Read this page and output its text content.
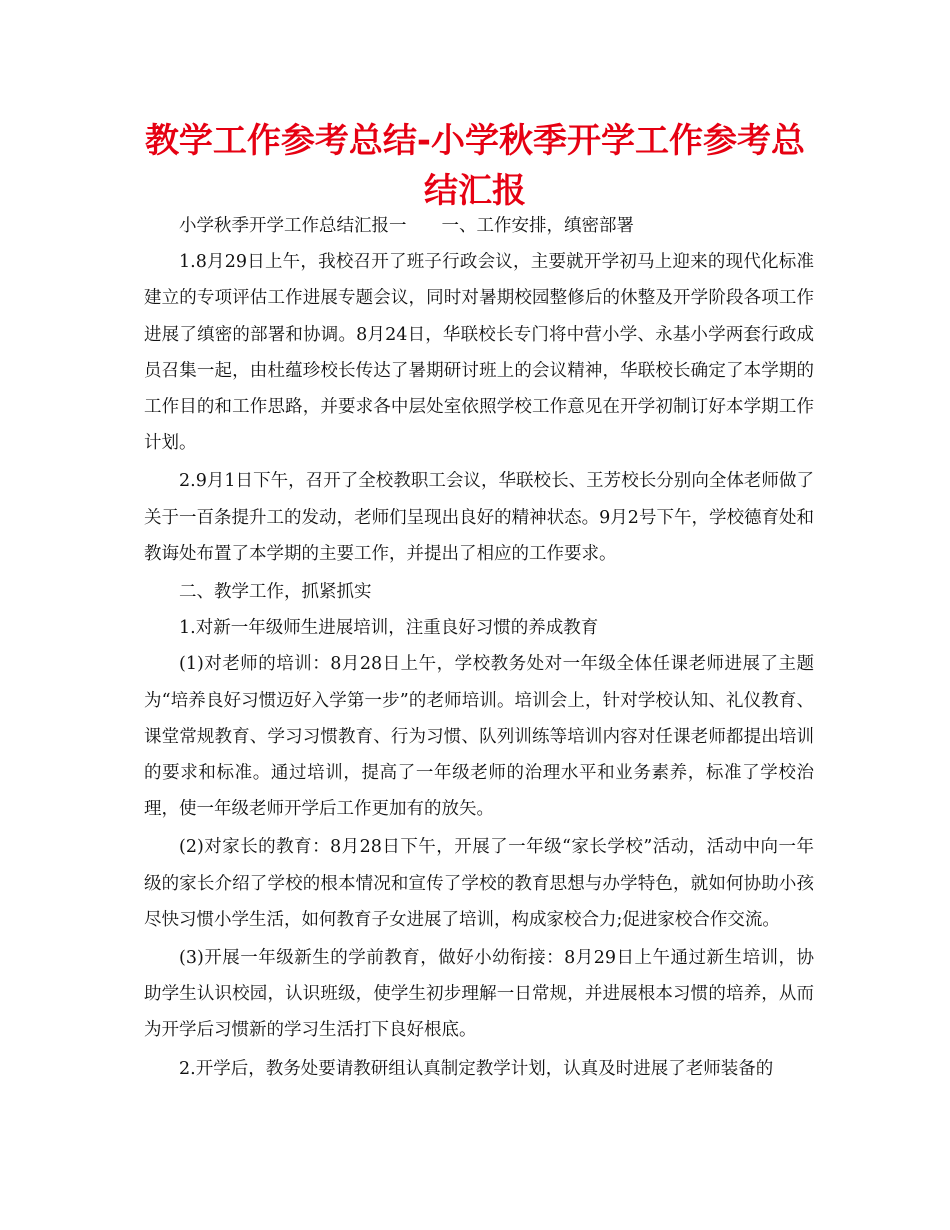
教学工作参考总结-小学秋季开学工作参考总结汇报

小学秋季开学工作总结汇报一　　一、工作安排，缜密部署

1.8月29日上午，我校召开了班子行政会议，主要就开学初马上迎来的现代化标准建立的专项评估工作进展专题会议，同时对暑期校园整修后的休整及开学阶段各项工作进展了缜密的部署和协调。8月24日，华联校长专门将中营小学、永基小学两套行政成员召集一起，由杜蕴珍校长传达了暑期研讨班上的会议精神，华联校长确定了本学期的工作目的和工作思路，并要求各中层处室依照学校工作意见在开学初制订好本学期工作计划。

2.9月1日下午，召开了全校教职工会议，华联校长、王芳校长分别向全体老师做了关于一百条提升工的发动，老师们呈现出良好的精神状态。9月2号下午，学校德育处和教诲处布置了本学期的主要工作，并提出了相应的工作要求。

二、教学工作，抓紧抓实

1.对新一年级师生进展培训，注重良好习惯的养成教育

(1)对老师的培训：8月28日上午，学校教务处对一年级全体任课老师进展了主题为“培养良好习惯迈好入学第一步”的老师培训。培训会上，针对学校认知、礼仪教育、课堂常规教育、学习习惯教育、行为习惯、队列训练等培训内容对任课老师都提出培训的要求和标准。通过培训，提高了一年级老师的治理水平和业务素养，标准了学校治理，使一年级老师开学后工作更加有的放矢。

(2)对家长的教育：8月28日下午，开展了一年级“家长学校”活动，活动中向一年级的家长介绍了学校的根本情况和宣传了学校的教育思想与办学特色，就如何协助小孩尽快习惯小学生活，如何教育子女进展了培训，构成家校合力;促进家校合作交流。

(3)开展一年级新生的学前教育，做好小幼衔接：8月29日上午通过新生培训，协助学生认识校园，认识班级，使学生初步理解一日常规，并进展根本习惯的培养，从而为开学后习惯新的学习生活打下良好根底。

2.开学后，教务处要请教研组认真制定教学计划，认真及时进展了老师装备的
